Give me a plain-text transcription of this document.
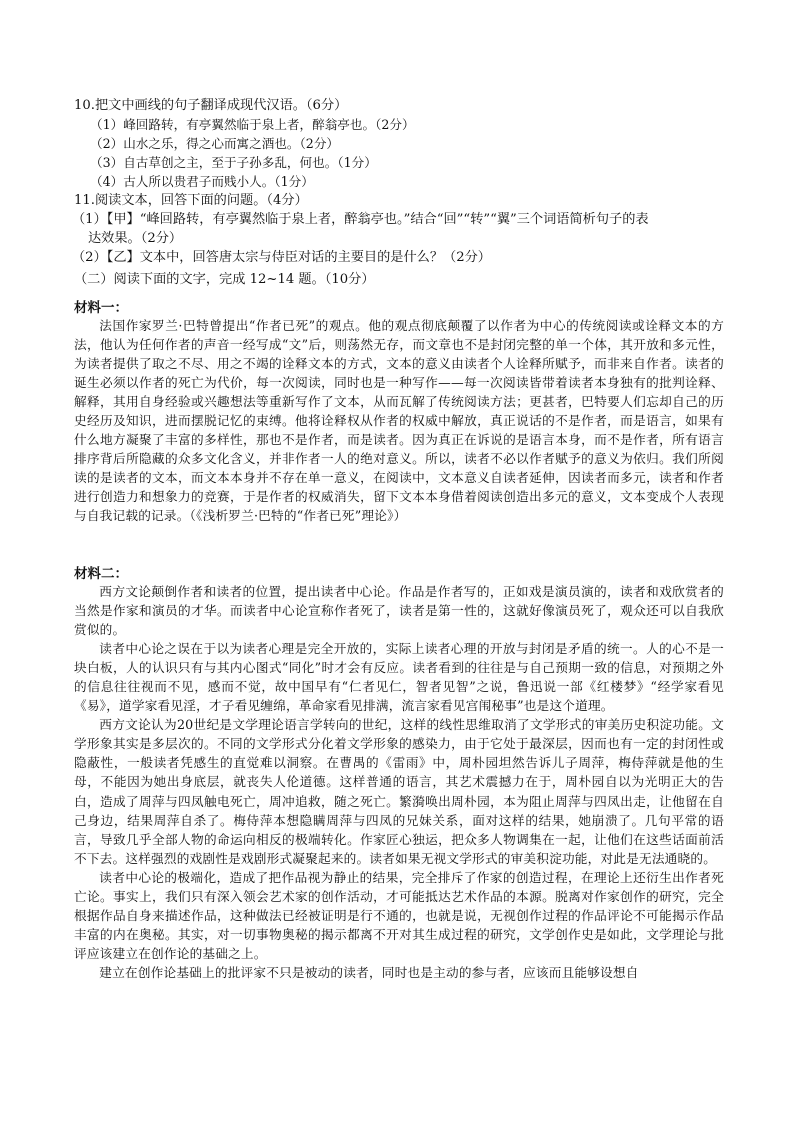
10.把文中画线的句子翻译成现代汉语。（6分）

（1）峰回路转，有亭翼然临于泉上者，醉翁亭也。（2分）

（2）山水之乐，得之心而寓之酒也。（2分）

（3）自古草创之主，至于子孙多乱，何也。（1分）

（4）古人所以贵君子而贱小人。（1分）

11.阅读文本，回答下面的问题。（4分）

（1）【甲】“峰回路转，有亭翼然临于泉上者，醉翁亭也。”结合“回”“转”“翼”三个词语简析句子的表

达效果。（2分）

（2）【乙】文本中，回答唐太宗与侍臣对话的主要目的是什么？（2分）

（二）阅读下面的文字，完成 12~14 题。（10分）

材料一：

法国作家罗兰·巴特曾提出“作者已死”的观点。他的观点彻底颠覆了以作者为中心的传统阅读或诠释文本的方法，他认为任何作者的声音一经写成“文”后，则荡然无存，而文章也不是封闭完整的单一个体，其开放和多元性，为读者提供了取之不尽、用之不竭的诠释文本的方式，文本的意义由读者个人诠释所赋予，而非来自作者。读者的诞生必须以作者的死亡为代价，每一次阅读，同时也是一种写作——每一次阅读皆带着读者本身独有的批判诠释、解释，其用自身经验或兴趣想法等重新写作了文本，从而瓦解了传统阅读方法；更甚者，巴特要人们忘却自己的历史经历及知识，进而摆脱记忆的束缚。他将诠释权从作者的权威中解放，真正说话的不是作者，而是语言，如果有什么地方凝聚了丰富的多样性，那也不是作者，而是读者。因为真正在诉说的是语言本身，而不是作者，所有语言排序背后所隐藏的众多文化含义，并非作者一人的绝对意义。所以，读者不必以作者赋予的意义为依归。我们所阅读的是读者的文本，而文本本身并不存在单一意义，在阅读中，文本意义自读者延伸，因读者而多元，读者和作者进行创造力和想象力的竞赛，于是作者的权威消失，留下文本本身借着阅读创造出多元的意义，文本变成个人表现与自我记载的记录。（《浅析罗兰·巴特的“作者已死”理论》）

材料二：

西方文论颠倒作者和读者的位置，提出读者中心论。作品是作者写的，正如戏是演员演的，读者和戏欣赏者的当然是作家和演员的才华。而读者中心论宣称作者死了，读者是第一性的，这就好像演员死了，观众还可以自我欣赏似的。

读者中心论之误在于以为读者心理是完全开放的，实际上读者心理的开放与封闭是矛盾的统一。人的心不是一块白板，人的认识只有与其内心图式“同化”时才会有反应。读者看到的往往是与自己预期一致的信息，对预期之外的信息往往视而不见，感而不觉，故中国早有“仁者见仁，智者见智”之说，鲁迅说一部《红楼梦》“经学家看见《易》，道学家看见淫，才子看见缠绵，革命家看见排满，流言家看见宫闱秘事”也是这个道理。

西方文论认为20世纪是文学理论语言学转向的世纪，这样的线性思维取消了文学形式的审美历史积淀功能。文学形象其实是多层次的。不同的文学形式分化着文学形象的感染力，由于它处于最深层，因而也有一定的封闭性或隐蔽性，一般读者凭感生的直觉难以洞察。在曹禺的《雷雨》中，周朴园坦然告诉儿子周萍，梅侍萍就是他的生母，不能因为她出身底层，就丧失人伦道德。这样普通的语言，其艺术震撼力在于，周朴园自以为光明正大的告白，造成了周萍与四凤触电死亡，周冲追救，随之死亡。繁漪唤出周朴园，本为阻止周萍与四凤出走，让他留在自己身边，结果周萍自杀了。梅侍萍本想隐瞒周萍与四凤的兄妹关系，面对这样的结果，她崩溃了。几句平常的语言，导致几乎全部人物的命运向相反的极端转化。作家匠心独运，把众多人物调集在一起，让他们在这些话面前活不下去。这样强烈的戏剧性是戏剧形式凝聚起来的。读者如果无视文学形式的审美积淀功能，对此是无法通晓的。

读者中心论的极端化，造成了把作品视为静止的结果，完全排斥了作家的创造过程，在理论上还衍生出作者死亡论。事实上，我们只有深入领会艺术家的创作活动，才可能抵达艺术作品的本源。脱离对作家创作的研究，完全根据作品自身来描述作品，这种做法已经被证明是行不通的，也就是说，无视创作过程的作品评论不可能揭示作品丰富的内在奥秘。其实，对一切事物奥秘的揭示都离不开对其生成过程的研究，文学创作史是如此，文学理论与批评应该建立在创作论的基础之上。

建立在创作论基础上的批评家不只是被动的读者，同时也是主动的参与者，应该而且能够设想自
